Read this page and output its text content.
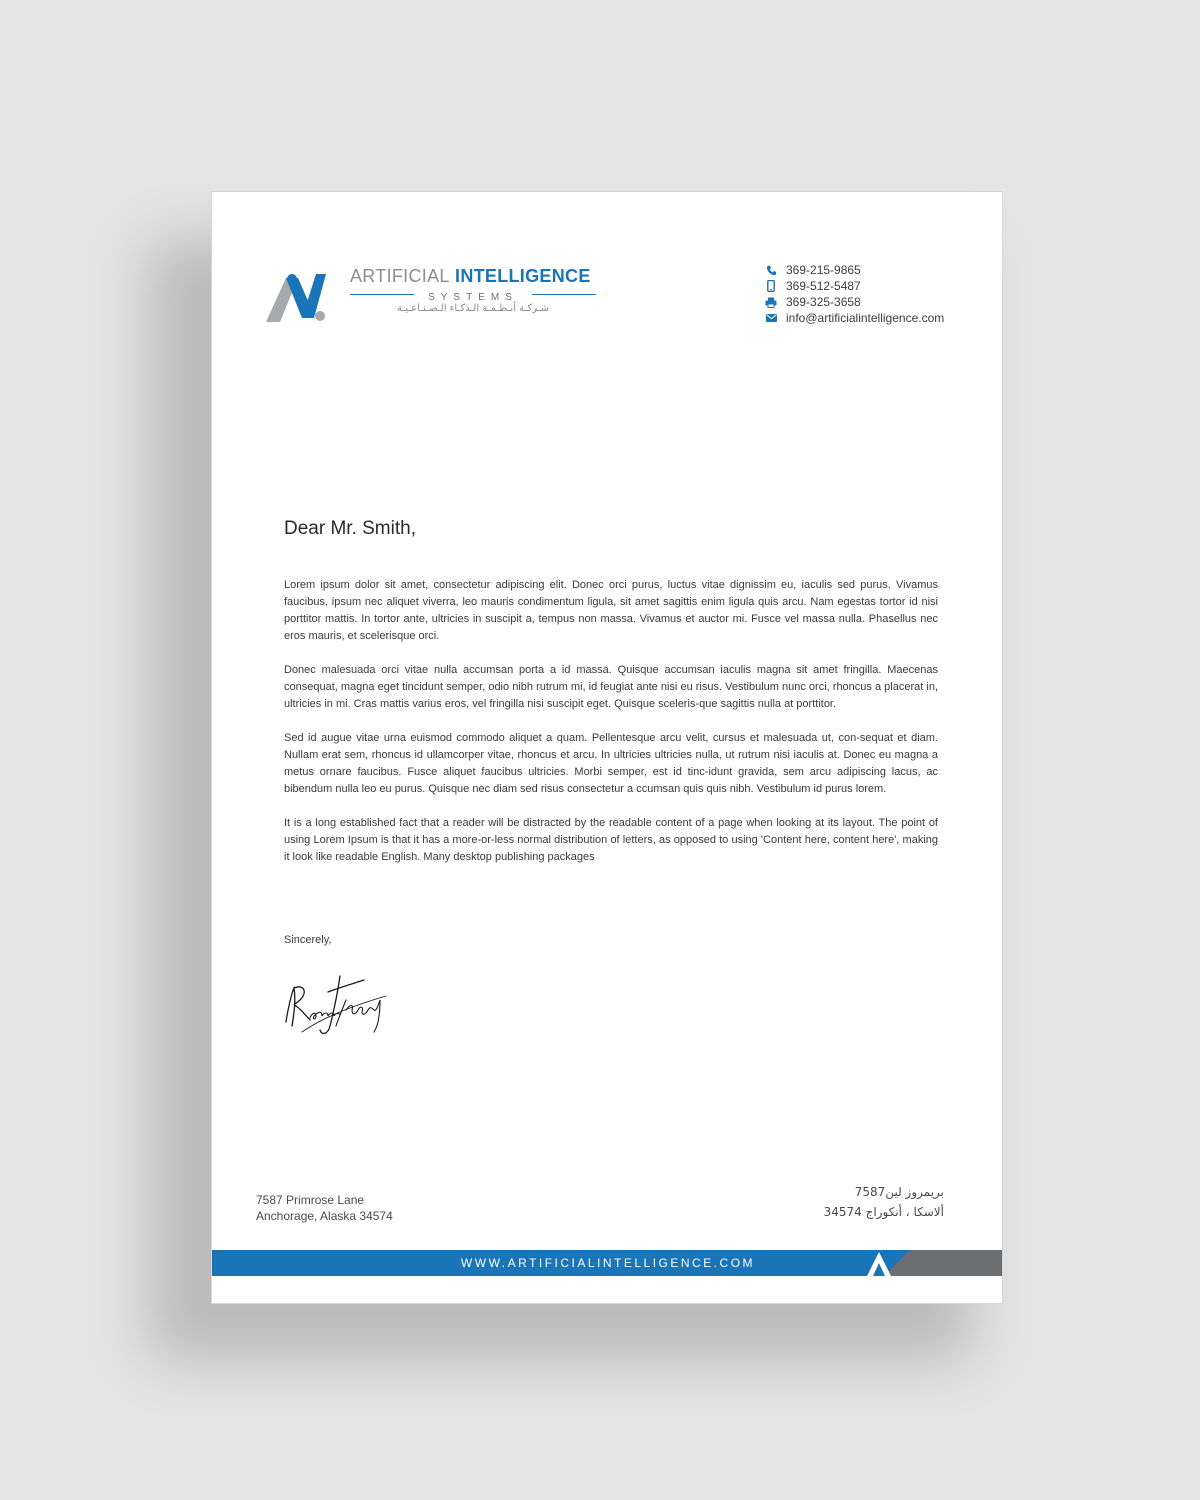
ARTIFICIAL INTELLIGENCE
SYSTEMS
شـركـة أنـظـمـة الـذكـاء الـصـنـاعـيـة
369-215-9865
369-512-5487
369-325-3658
info@artificialintelligence.com
Dear Mr. Smith,

Lorem ipsum dolor sit amet, consectetur adipiscing elit. Donec orci purus, luctus vitae dignissim eu, iaculis sed purus. Vivamus faucibus, ipsum nec aliquet viverra, leo mauris condimentum ligula, sit amet sagittis enim ligula quis arcu. Nam egestas tortor id nisi porttitor mattis. In tortor ante, ultricies in suscipit a, tempus non massa. Vivamus et auctor mi. Fusce vel massa nulla. Phasellus nec eros mauris, et scelerisque orci.

Donec malesuada orci vitae nulla accumsan porta a id massa. Quisque accumsan iaculis magna sit amet fringilla. Maecenas consequat, magna eget tincidunt semper, odio nibh rutrum mi, id feugiat ante nisi eu risus. Vestibulum nunc orci, rhoncus a placerat in, ultricies in mi. Cras mattis varius eros, vel fringilla nisi suscipit eget. Quisque sceleris-que sagittis nulla at porttitor.

Sed id augue vitae urna euismod commodo aliquet a quam. Pellentesque arcu velit, cursus et malesuada ut, con-sequat et diam. Nullam erat sem, rhoncus id ullamcorper vitae, rhoncus et arcu. In ultricies ultricies nulla, ut rutrum nisi iaculis at. Donec eu magna a metus ornare faucibus. Fusce aliquet faucibus ultricies. Morbi semper, est id tinc-idunt gravida, sem arcu adipiscing lacus, ac bibendum nulla leo eu purus. Quisque nec diam sed risus consectetur a ccumsan quis quis nibh. Vestibulum id purus lorem.

It is a long established fact that a reader will be distracted by the readable content of a page when looking at its layout. The point of using Lorem Ipsum is that it has a more-or-less normal distribution of letters, as opposed to using 'Content here, content here', making it look like readable English. Many desktop publishing packages

Sincerely,
7587 Primrose Lane
Anchorage, Alaska 34574
بريمروز لين7587
34574 ألاسكا ، أنكوراج
WWW.ARTIFICIALINTELLIGENCE.COM
